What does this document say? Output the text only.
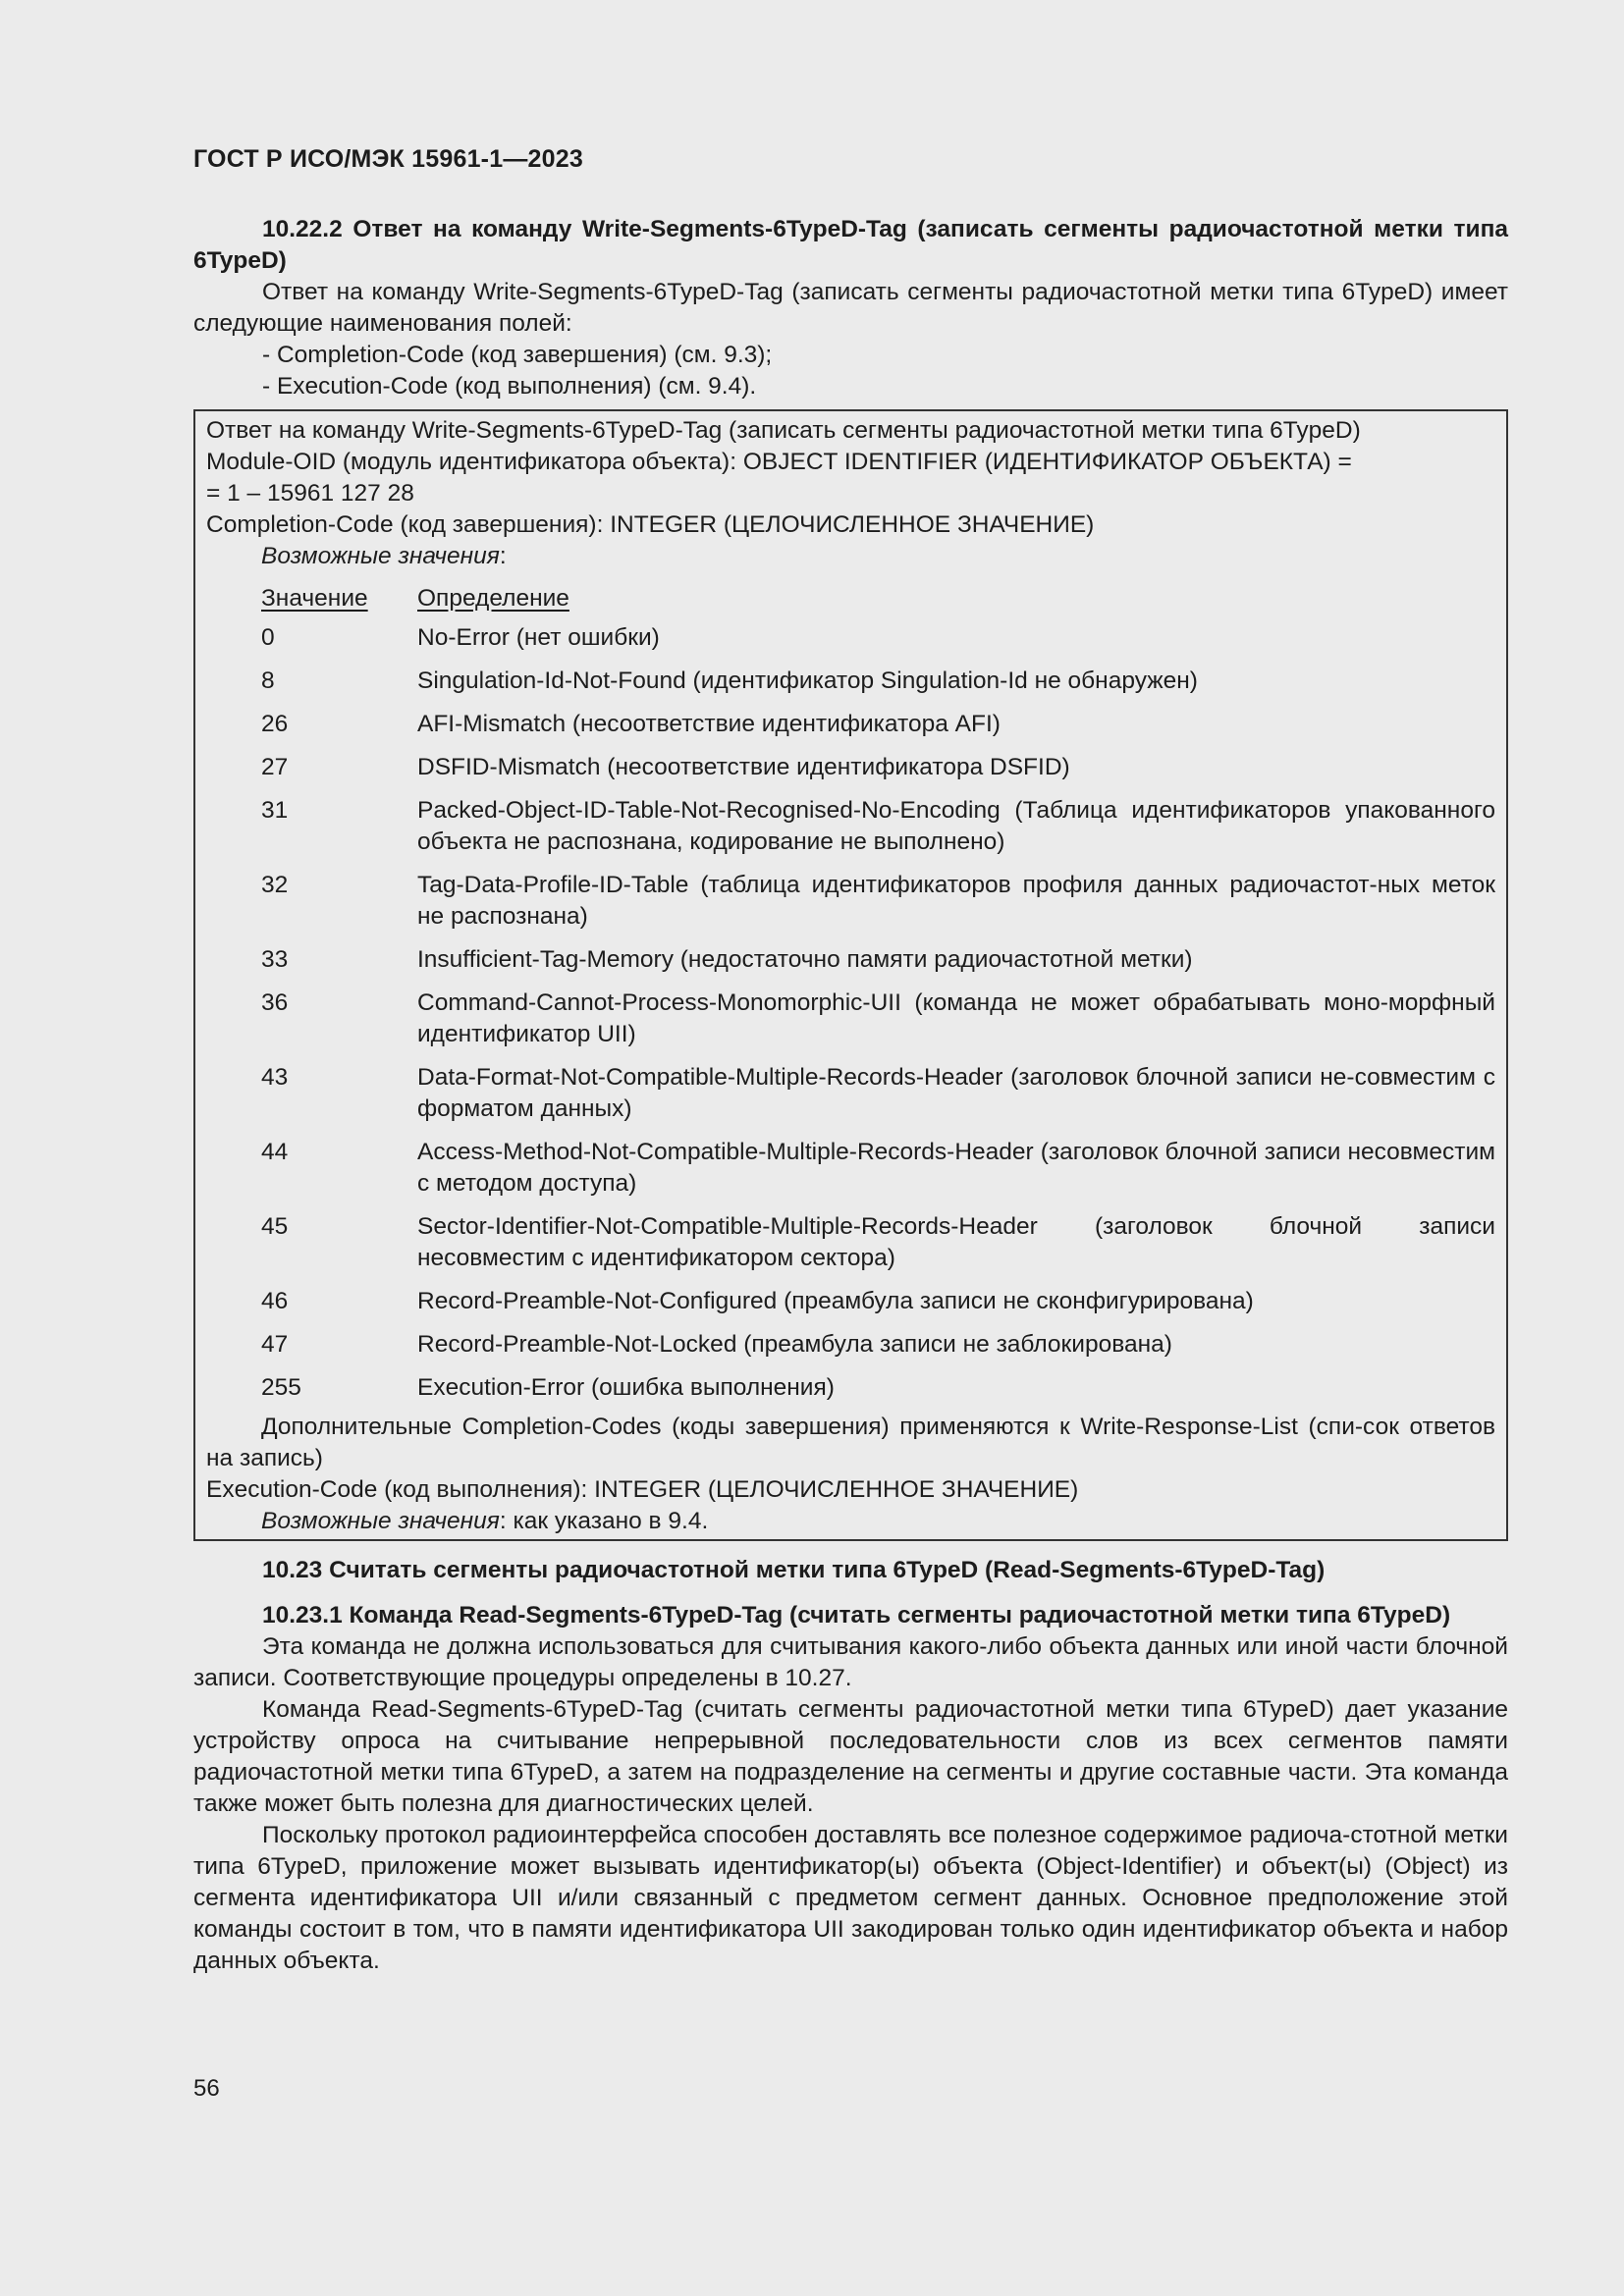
ГОСТ Р ИСО/МЭК 15961-1—2023

10.22.2 Ответ на команду Write-Segments-6TypeD-Tag (записать сегменты радиочастотной метки типа 6TypeD)

Ответ на команду Write-Segments-6TypeD-Tag (записать сегменты радиочастотной метки типа 6TypeD) имеет следующие наименования полей:

- Completion-Code (код завершения) (см. 9.3);

- Execution-Code (код выполнения) (см. 9.4).

Ответ на команду Write-Segments-6TypeD-Tag (записать сегменты радиочастотной метки типа 6TypeD)

Module-OID (модуль идентификатора объекта): OBJECT IDENTIFIER (ИДЕНТИФИКАТОР ОБЪЕКТА) =

= 1 – 15961 127 28

Completion-Code (код завершения): INTEGER (ЦЕЛОЧИСЛЕННОЕ ЗНАЧЕНИЕ)

Возможные значения:

Значение	Определение
0	No-Error (нет ошибки)
8	Singulation-Id-Not-Found (идентификатор Singulation-Id не обнаружен)
26	AFI-Mismatch (несоответствие идентификатора AFI)
27	DSFID-Mismatch (несоответствие идентификатора DSFID)
31	Packed-Object-ID-Table-Not-Recognised-No-Encoding (Таблица идентификаторов упакованного объекта не распознана, кодирование не выполнено)
32	Tag-Data-Profile-ID-Table (таблица идентификаторов профиля данных радиочастот-ных меток не распознана)
33	Insufficient-Tag-Memory (недостаточно памяти радиочастотной метки)
36	Command-Cannot-Process-Monomorphic-UII (команда не может обрабатывать моно-морфный идентификатор UII)
43	Data-Format-Not-Compatible-Multiple-Records-Header (заголовок блочной записи не-совместим с форматом данных)
44	Access-Method-Not-Compatible-Multiple-Records-Header (заголовок блочной записи несовместим с методом доступа)
45	Sector-Identifier-Not-Compatible-Multiple-Records-Header (заголовок блочной записи несовместим с идентификатором сектора)
46	Record-Preamble-Not-Configured (преамбула записи не сконфигурирована)
47	Record-Preamble-Not-Locked (преамбула записи не заблокирована)
255	Execution-Error (ошибка выполнения)

Дополнительные Completion-Codes (коды завершения) применяются к Write-Response-List (спи-сок ответов на запись)

Execution-Code (код выполнения): INTEGER (ЦЕЛОЧИСЛЕННОЕ ЗНАЧЕНИЕ)

Возможные значения: как указано в 9.4.

10.23 Считать сегменты радиочастотной метки типа 6TypeD (Read-Segments-6TypeD-Tag)

10.23.1 Команда Read-Segments-6TypeD-Tag (считать сегменты радиочастотной метки типа 6TypeD)

Эта команда не должна использоваться для считывания какого-либо объекта данных или иной части блочной записи. Соответствующие процедуры определены в 10.27.

Команда Read-Segments-6TypeD-Tag (считать сегменты радиочастотной метки типа 6TypeD) дает указание устройству опроса на считывание непрерывной последовательности слов из всех сегментов памяти радиочастотной метки типа 6TypeD, а затем на подразделение на сегменты и другие составные части. Эта команда также может быть полезна для диагностических целей.

Поскольку протокол радиоинтерфейса способен доставлять все полезное содержимое радиоча-стотной метки типа 6TypeD, приложение может вызывать идентификатор(ы) объекта (Object-Identifier) и объект(ы) (Object) из сегмента идентификатора UII и/или связанный с предметом сегмент данных. Основное предположение этой команды состоит в том, что в памяти идентификатора UII закодирован только один идентификатор объекта и набор данных объекта.

56
